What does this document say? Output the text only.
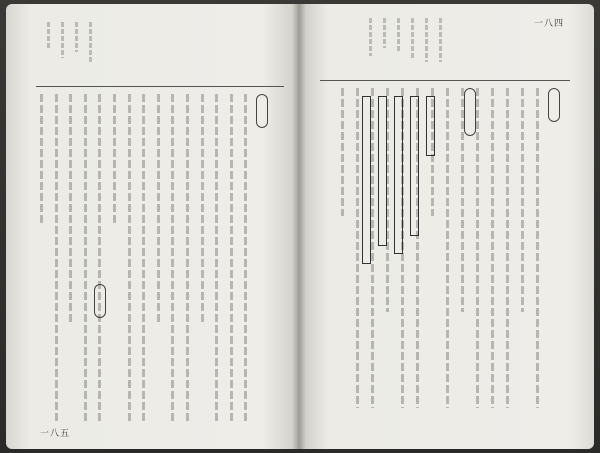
一八五
一八四
